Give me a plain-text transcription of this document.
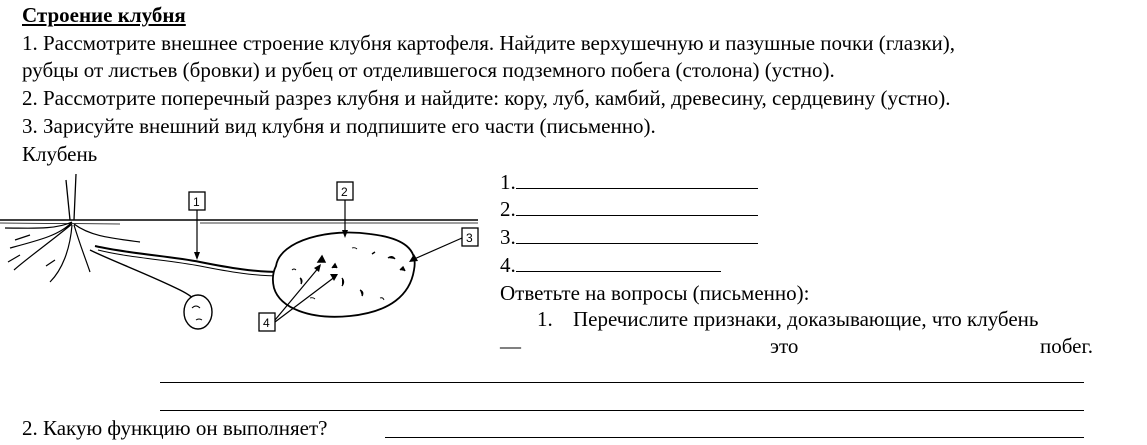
Строение клубня
1. Рассмотрите внешнее строение клубня картофеля. Найдите верхушечную и пазушные почки (глазки),
рубцы от листьев (бровки) и рубец от отделившегося подземного побега (столона) (устно).
2. Рассмотрите поперечный разрез клубня и найдите: кору, луб, камбий, древесину, сердцевину (устно).
3. Зарисуйте внешний вид клубня и подпишите его части (письменно).
Клубень
1
2
3
4
1.
2.
3.
4.
Ответьте на вопросы (письменно):
1. Перечислите признаки, доказывающие, что клубень
—	это	побег.
2. Какую функцию он выполняет?
